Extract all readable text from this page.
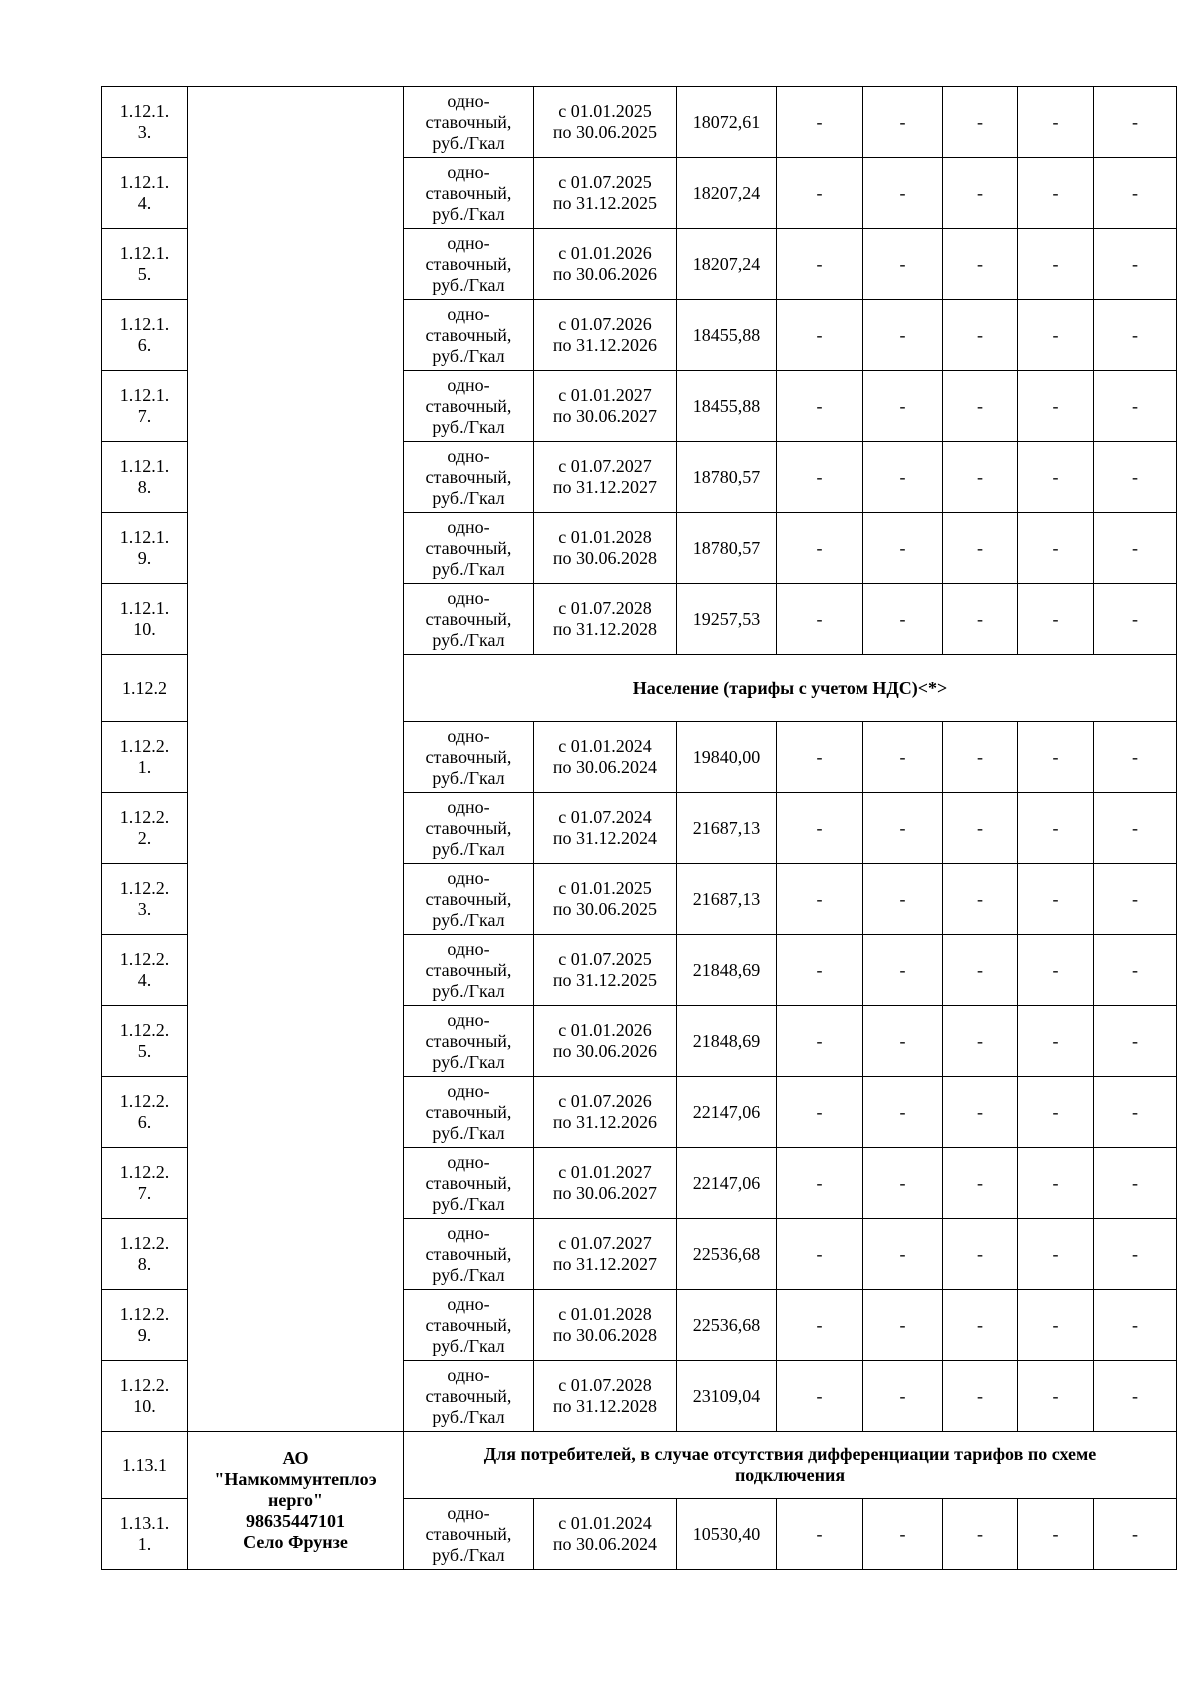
1.12.1.
3.		одно-
ставочный,
руб./Гкал	с 01.01.2025
по 30.06.2025	18072,61	-	-	-	-	-
1.12.1.
4.		одно-
ставочный,
руб./Гкал	с 01.07.2025
по 31.12.2025	18207,24	-	-	-	-	-
1.12.1.
5.		одно-
ставочный,
руб./Гкал	с 01.01.2026
по 30.06.2026	18207,24	-	-	-	-	-
1.12.1.
6.		одно-
ставочный,
руб./Гкал	с 01.07.2026
по 31.12.2026	18455,88	-	-	-	-	-
1.12.1.
7.		одно-
ставочный,
руб./Гкал	с 01.01.2027
по 30.06.2027	18455,88	-	-	-	-	-
1.12.1.
8.		одно-
ставочный,
руб./Гкал	с 01.07.2027
по 31.12.2027	18780,57	-	-	-	-	-
1.12.1.
9.		одно-
ставочный,
руб./Гкал	с 01.01.2028
по 30.06.2028	18780,57	-	-	-	-	-
1.12.1.
10.		одно-
ставочный,
руб./Гкал	с 01.07.2028
по 31.12.2028	19257,53	-	-	-	-	-
1.12.2		Население (тарифы с учетом НДС)<*>							
1.12.2.
1.		одно-
ставочный,
руб./Гкал	с 01.01.2024
по 30.06.2024	19840,00	-	-	-	-	-
1.12.2.
2.		одно-
ставочный,
руб./Гкал	с 01.07.2024
по 31.12.2024	21687,13	-	-	-	-	-
1.12.2.
3.		одно-
ставочный,
руб./Гкал	с 01.01.2025
по 30.06.2025	21687,13	-	-	-	-	-
1.12.2.
4.		одно-
ставочный,
руб./Гкал	с 01.07.2025
по 31.12.2025	21848,69	-	-	-	-	-
1.12.2.
5.		одно-
ставочный,
руб./Гкал	с 01.01.2026
по 30.06.2026	21848,69	-	-	-	-	-
1.12.2.
6.		одно-
ставочный,
руб./Гкал	с 01.07.2026
по 31.12.2026	22147,06	-	-	-	-	-
1.12.2.
7.		одно-
ставочный,
руб./Гкал	с 01.01.2027
по 30.06.2027	22147,06	-	-	-	-	-
1.12.2.
8.		одно-
ставочный,
руб./Гкал	с 01.07.2027
по 31.12.2027	22536,68	-	-	-	-	-
1.12.2.
9.		одно-
ставочный,
руб./Гкал	с 01.01.2028
по 30.06.2028	22536,68	-	-	-	-	-
1.12.2.
10.		одно-
ставочный,
руб./Гкал	с 01.07.2028
по 31.12.2028	23109,04	-	-	-	-	-
1.13.1	АО
"Намкоммунтеплоэ
нерго"
98635447101
Село Фрунзе	Для потребителей, в случае отсутствия дифференциации тарифов по схеме
подключения							
1.13.1.
1.		одно-
ставочный,
руб./Гкал	с 01.01.2024
по 30.06.2024	10530,40	-	-	-	-	-
